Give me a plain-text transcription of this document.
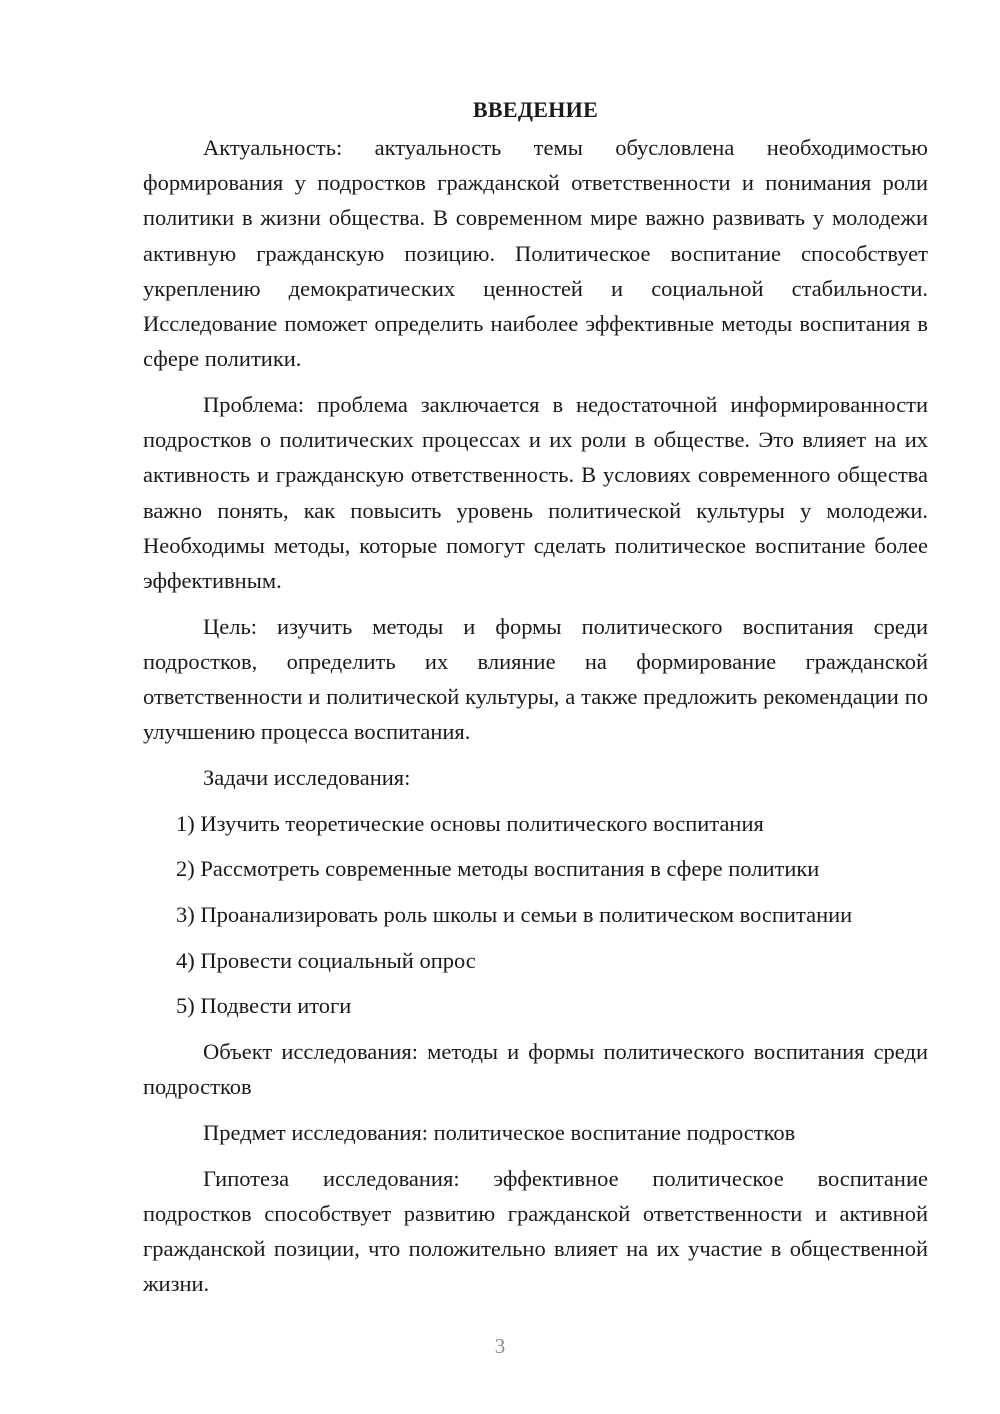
ВВЕДЕНИЕ

Актуальность: актуальность темы обусловлена необходимостью формирования у подростков гражданской ответственности и понимания роли политики в жизни общества. В современном мире важно развивать у молодежи активную гражданскую позицию. Политическое воспитание способствует укреплению демократических ценностей и социальной стабильности. Исследование поможет определить наиболее эффективные методы воспитания в сфере политики.

Проблема: проблема заключается в недостаточной информированности подростков о политических процессах и их роли в обществе. Это влияет на их активность и гражданскую ответственность. В условиях современного общества важно понять, как повысить уровень политической культуры у молодежи. Необходимы методы, которые помогут сделать политическое воспитание более эффективным.

Цель: изучить методы и формы политического воспитания среди подростков, определить их влияние на формирование гражданской ответственности и политической культуры, а также предложить рекомендации по улучшению процесса воспитания.

Задачи исследования:
1) Изучить теоретические основы политического воспитания
2) Рассмотреть современные методы воспитания в сфере политики
3) Проанализировать роль школы и семьи в политическом воспитании
4) Провести социальный опрос
5) Подвести итоги

Объект исследования: методы и формы политического воспитания среди подростков

Предмет исследования: политическое воспитание подростков

Гипотеза исследования: эффективное политическое воспитание подростков способствует развитию гражданской ответственности и активной гражданской позиции, что положительно влияет на их участие в общественной жизни.

3
